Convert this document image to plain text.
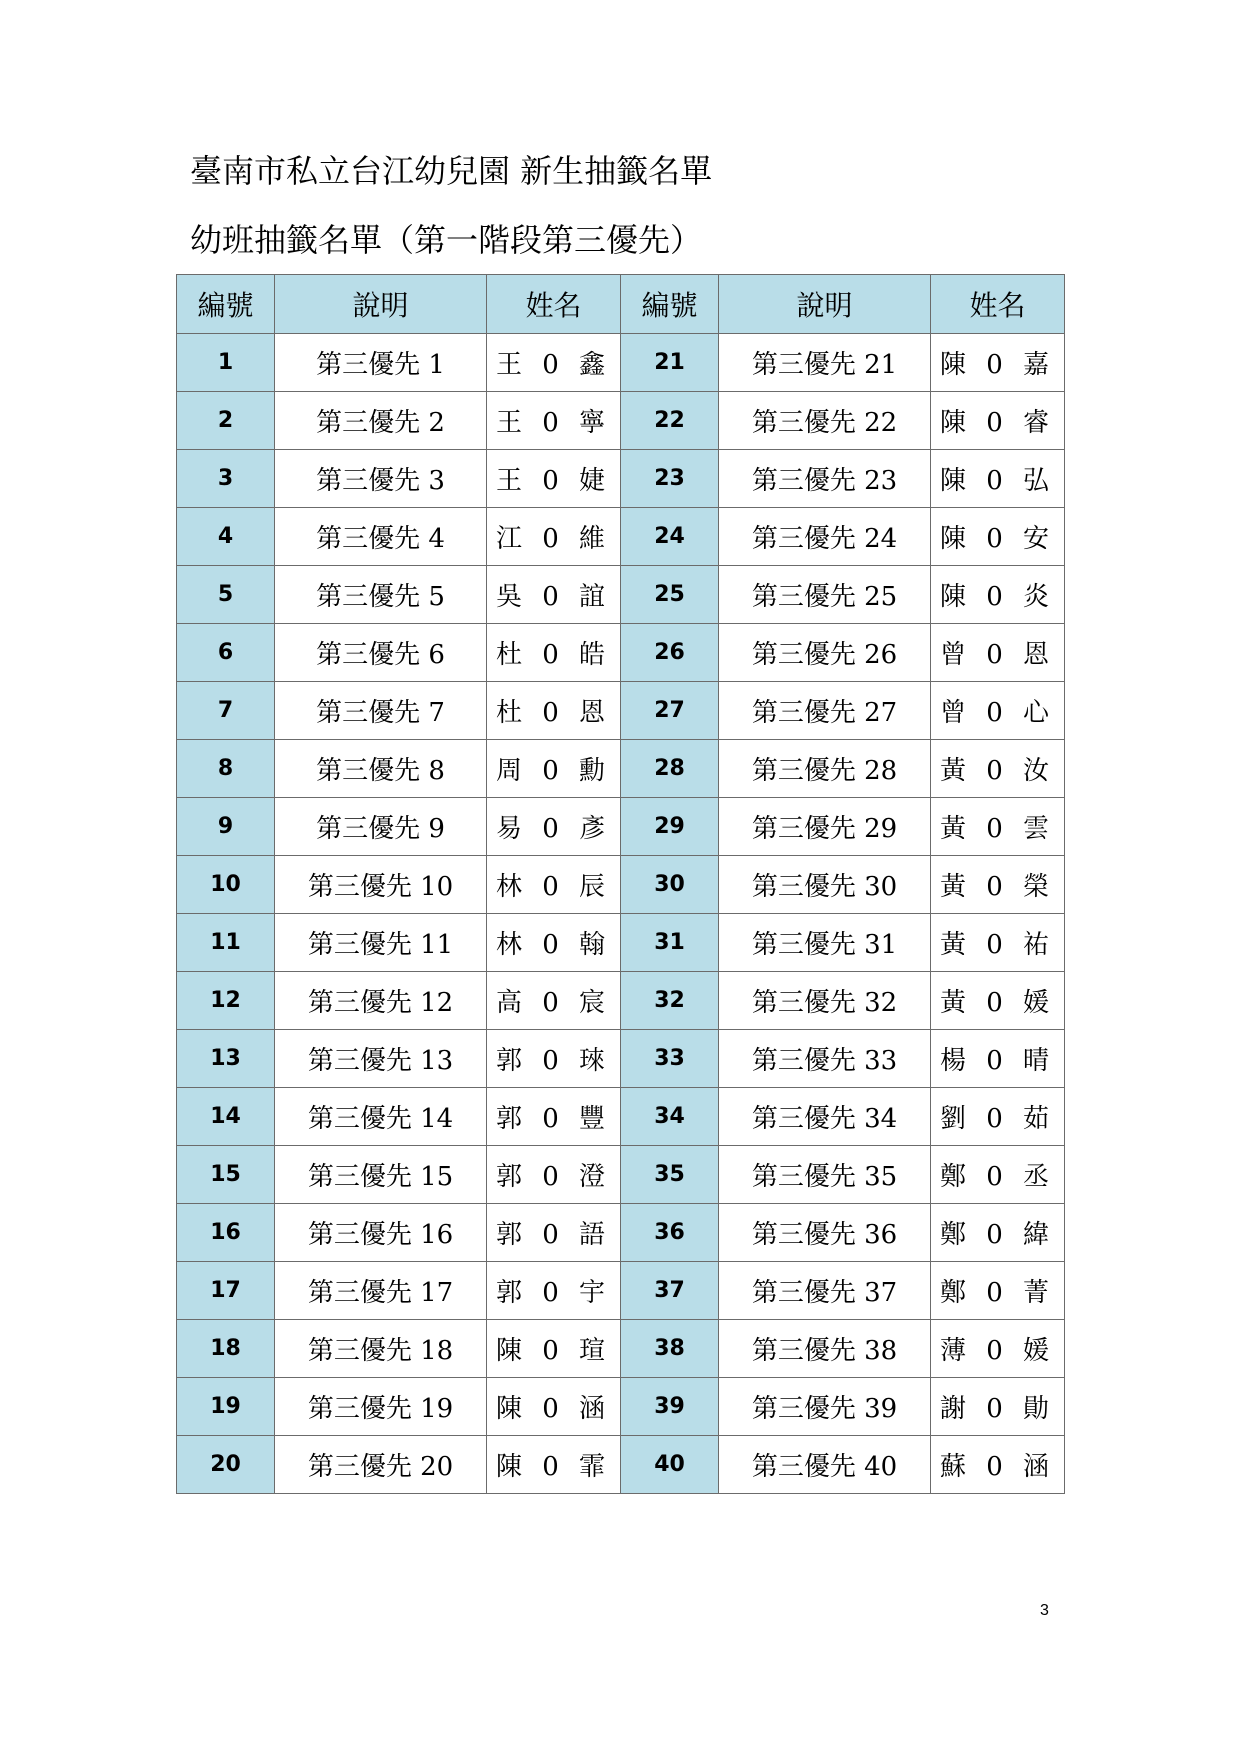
臺南市私立台江幼兒園 新生抽籤名單
幼班抽籤名單（第一階段第三優先）
編號	說明	姓名	編號	說明	姓名
1	第三優先 1	王 0 鑫	21	第三優先 21	陳 0 嘉
2	第三優先 2	王 0 寧	22	第三優先 22	陳 0 睿
3	第三優先 3	王 0 婕	23	第三優先 23	陳 0 弘
4	第三優先 4	江 0 維	24	第三優先 24	陳 0 安
5	第三優先 5	吳 0 誼	25	第三優先 25	陳 0 炎
6	第三優先 6	杜 0 皓	26	第三優先 26	曾 0 恩
7	第三優先 7	杜 0 恩	27	第三優先 27	曾 0 心
8	第三優先 8	周 0 勳	28	第三優先 28	黃 0 汝
9	第三優先 9	易 0 彥	29	第三優先 29	黃 0 雲
10	第三優先 10	林 0 辰	30	第三優先 30	黃 0 榮
11	第三優先 11	林 0 翰	31	第三優先 31	黃 0 祐
12	第三優先 12	高 0 宸	32	第三優先 32	黃 0 媛
13	第三優先 13	郭 0 琜	33	第三優先 33	楊 0 晴
14	第三優先 14	郭 0 豐	34	第三優先 34	劉 0 茹
15	第三優先 15	郭 0 澄	35	第三優先 35	鄭 0 丞
16	第三優先 16	郭 0 語	36	第三優先 36	鄭 0 緯
17	第三優先 17	郭 0 宇	37	第三優先 37	鄭 0 菁
18	第三優先 18	陳 0 瑄	38	第三優先 38	薄 0 媛
19	第三優先 19	陳 0 涵	39	第三優先 39	謝 0 勛
20	第三優先 20	陳 0 霏	40	第三優先 40	蘇 0 涵
3
